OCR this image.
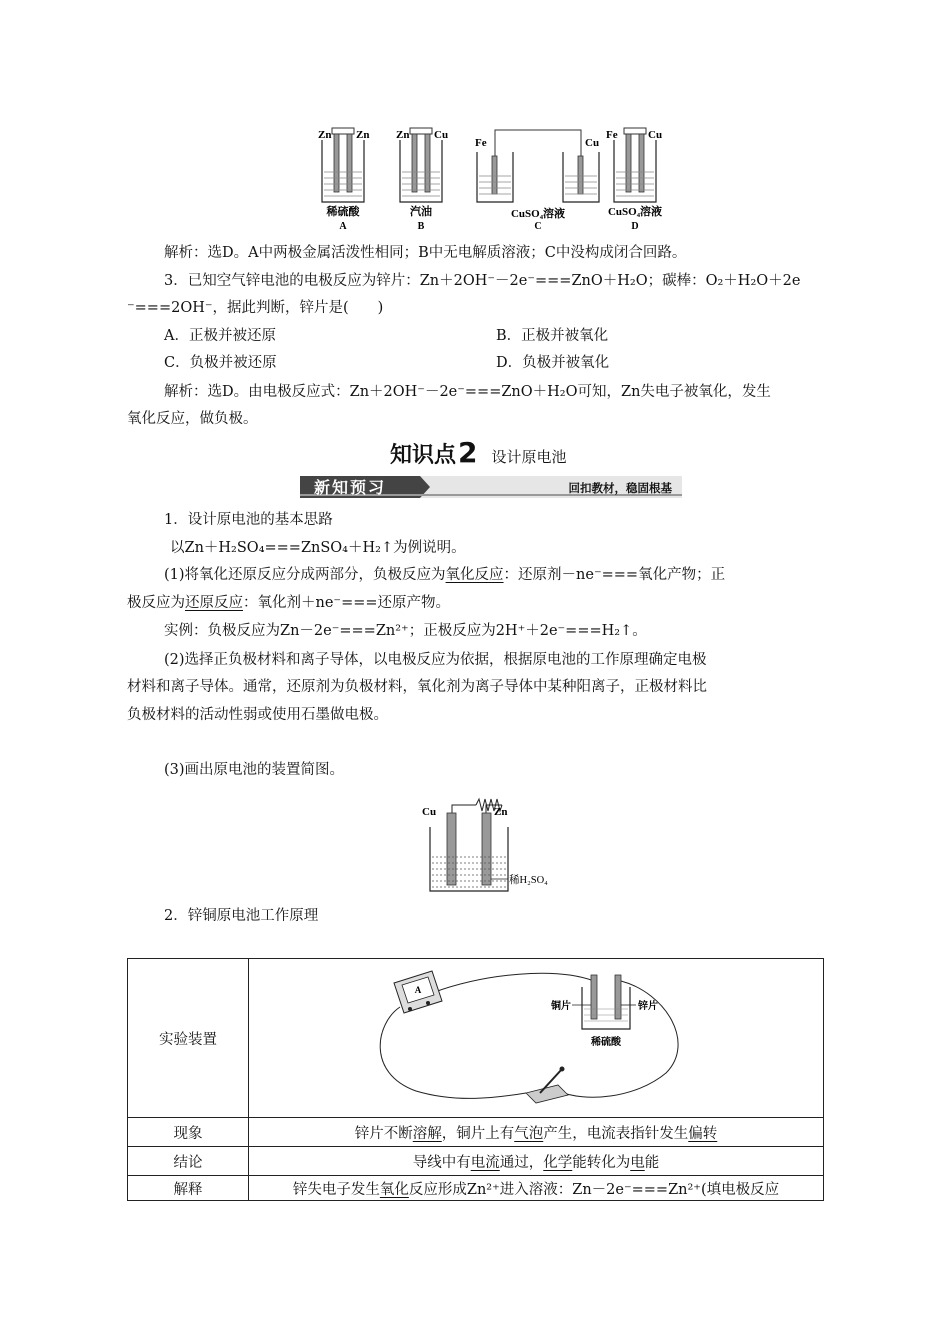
Zn Zn
稀硫酸
A
Zn Cu
汽油
B
Fe	Cu
CuSO₄溶液
C
Fe	Cu
CuSO₄溶液
D
解析：选D。A中两极金属活泼性相同；B中无电解质溶液；C中没构成闭合回路。
3．已知空气锌电池的电极反应为锌片：Zn＋2OH⁻－2e⁻===ZnO＋H₂O；碳棒：O₂＋H₂O＋2e
⁻===2OH⁻，据此判断，锌片是(　　)
A．正极并被还原	B．正极并被氧化
C．负极并被还原	D．负极并被氧化
解析：选D。由电极反应式：Zn＋2OH⁻－2e⁻===ZnO＋H₂O可知，Zn失电子被氧化，发生
氧化反应，做负极。
知识点2 设计原电池
新知预习	回扣教材，稳固根基
1．设计原电池的基本思路
以Zn＋H₂SO₄===ZnSO₄＋H₂↑为例说明。
(1)将氧化还原反应分成两部分，负极反应为氧化反应：还原剂－ne⁻===氧化产物；正
极反应为还原反应：氧化剂＋ne⁻===还原产物。
实例：负极反应为Zn－2e⁻===Zn²⁺；正极反应为2H⁺＋2e⁻===H₂↑。
(2)选择正负极材料和离子导体，以电极反应为依据，根据原电池的工作原理确定电极
材料和离子导体。通常，还原剂为负极材料，氧化剂为离子导体中某种阳离子，正极材料比
负极材料的活动性弱或使用石墨做电极。
(3)画出原电池的装置简图。
Cu	Zn
稀H₂SO₄
2．锌铜原电池工作原理
实验装置	A
铜片 锌片
稀硫酸

现象	锌片不断溶解，铜片上有气泡产生，电流表指针发生偏转
结论	导线中有电流通过，化学能转化为电能
解释	锌失电子发生氧化反应形成Zn²⁺进入溶液：Zn－2e⁻===Zn²⁺(填电极反应
